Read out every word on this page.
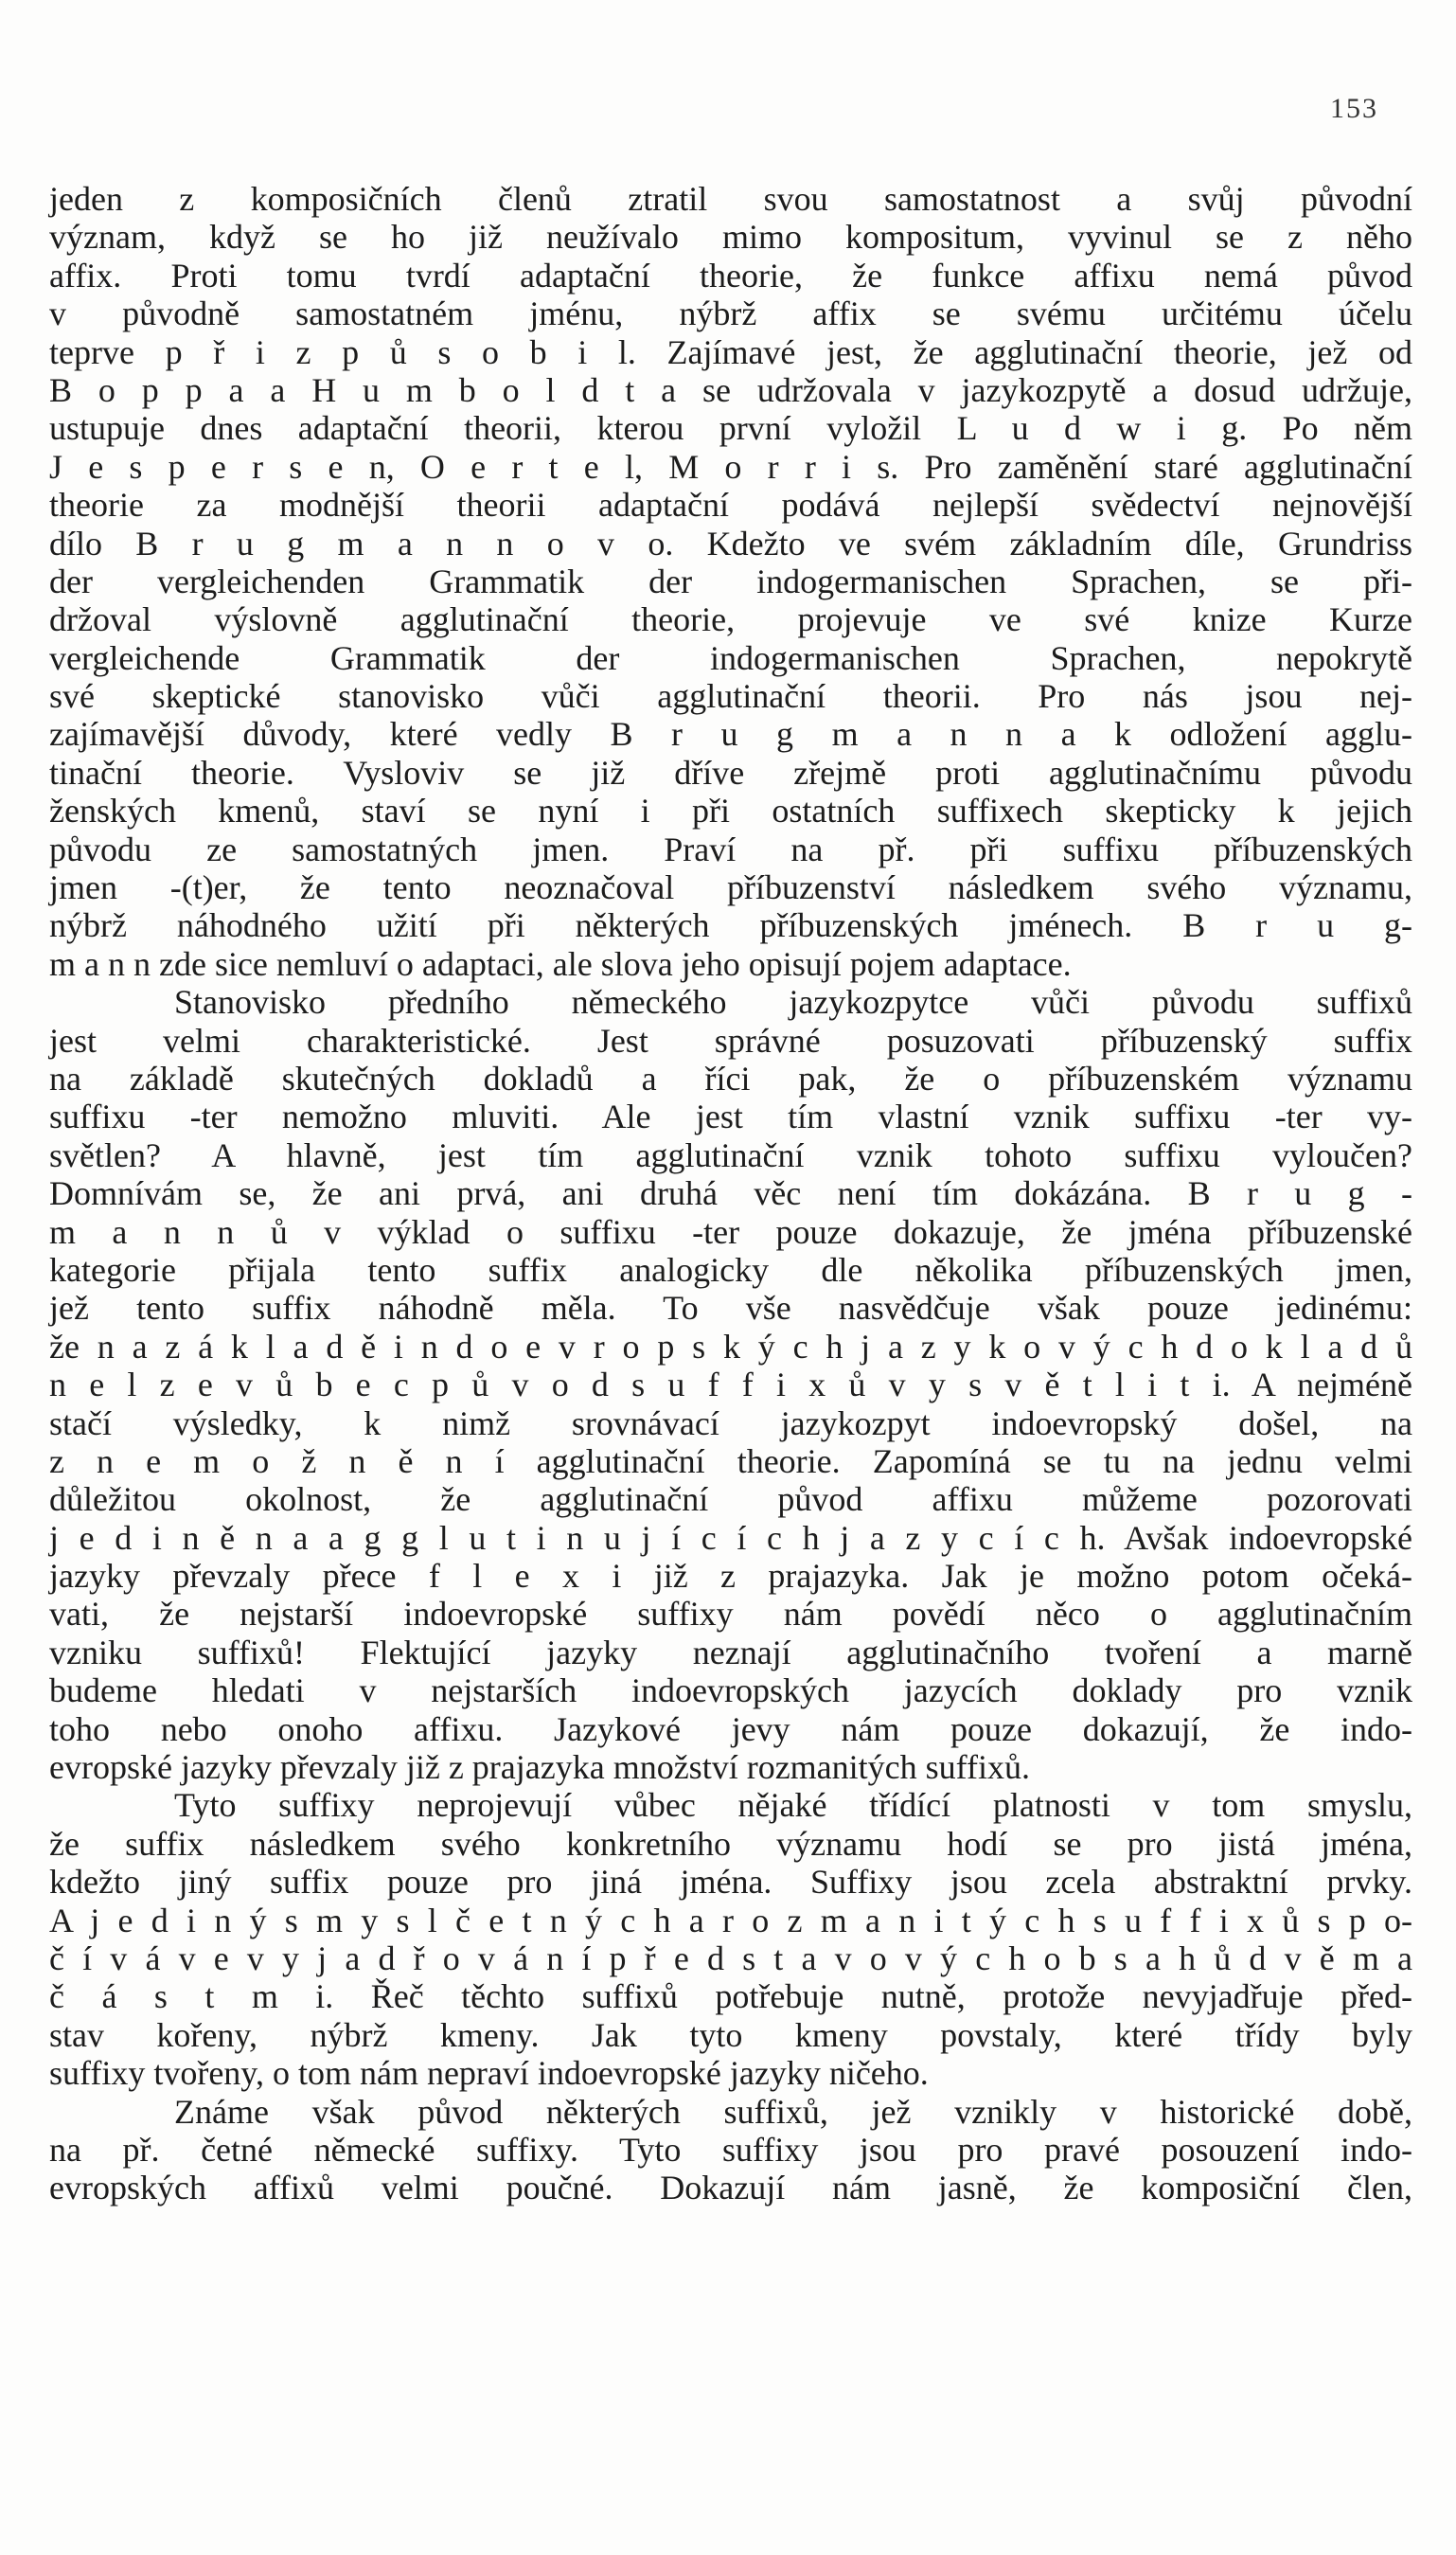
153
jeden z komposičních členů ztratil svou samostatnost a svůj původní
význam, když se ho již neužívalo mimo kompositum, vyvinul se z něho
affix. Proti tomu tvrdí adaptační theorie, že funkce affixu nemá původ
v původně samostatném jménu, nýbrž affix se svému určitému účelu
teprve p ř i z p ů s o b i l. Zajímavé jest, že agglutinační theorie, jež od
B o p p a a H u m b o l d t a se udržovala v jazykozpytě a dosud udržuje,
ustupuje dnes adaptační theorii, kterou první vyložil L u d w i g. Po něm
J e s p e r s e n, O e r t e l, M o r r i s. Pro zaměnění staré agglutinační
theorie za modnější theorii adaptační podává nejlepší svědectví nejnovější
dílo B r u g m a n n o v o. Kdežto ve svém základním díle, Grundriss
der vergleichenden Grammatik der indogermanischen Sprachen, se při-
držoval výslovně agglutinační theorie, projevuje ve své knize Kurze
vergleichende Grammatik der indogermanischen Sprachen, nepokrytě
své skeptické stanovisko vůči agglutinační theorii. Pro nás jsou nej-
zajímavější důvody, které vedly B r u g m a n n a k odložení agglu-
tinační theorie. Vysloviv se již dříve zřejmě proti agglutinačnímu původu
ženských kmenů, staví se nyní i při ostatních suffixech skepticky k jejich
původu ze samostatných jmen. Praví na př. při suffixu příbuzenských
jmen -(t)er, že tento neoznačoval příbuzenství následkem svého významu,
nýbrž náhodného užití při některých příbuzenských jménech. B r u g-
m a n n zde sice nemluví o adaptaci, ale slova jeho opisují pojem adaptace.
Stanovisko předního německého jazykozpytce vůči původu suffixů
jest velmi charakteristické. Jest správné posuzovati příbuzenský suffix
na základě skutečných dokladů a říci pak, že o příbuzenském významu
suffixu -ter nemožno mluviti. Ale jest tím vlastní vznik suffixu -ter vy-
světlen? A hlavně, jest tím agglutinační vznik tohoto suffixu vyloučen?
Domnívám se, že ani prvá, ani druhá věc není tím dokázána. B r u g -
m a n n ů v výklad o suffixu -ter pouze dokazuje, že jména příbuzenské
kategorie přijala tento suffix analogicky dle několika příbuzenských jmen,
jež tento suffix náhodně měla. To vše nasvědčuje však pouze jedinému:
že n a z á k l a d ě i n d o e v r o p s k ý c h j a z y k o v ý c h d o k l a d ů
n e l z e v ů b e c p ů v o d s u f f i x ů v y s v ě t l i t i. A nejméně
stačí výsledky, k nimž srovnávací jazykozpyt indoevropský došel, na
z n e m o ž n ě n í agglutinační theorie. Zapomíná se tu na jednu velmi
důležitou okolnost, že agglutinační původ affixu můžeme pozorovati
j e d i n ě n a a g g l u t i n u j í c í c h j a z y c í c h. Avšak indoevropské
jazyky převzaly přece f l e x i již z prajazyka. Jak je možno potom očeká-
vati, že nejstarší indoevropské suffixy nám povědí něco o agglutinačním
vzniku suffixů! Flektující jazyky neznají agglutinačního tvoření a marně
budeme hledati v nejstarších indoevropských jazycích doklady pro vznik
toho nebo onoho affixu. Jazykové jevy nám pouze dokazují, že indo-
evropské jazyky převzaly již z prajazyka množství rozmanitých suffixů.
Tyto suffixy neprojevují vůbec nějaké třídící platnosti v tom smyslu,
že suffix následkem svého konkretního významu hodí se pro jistá jména,
kdežto jiný suffix pouze pro jiná jména. Suffixy jsou zcela abstraktní prvky.
A j e d i n ý s m y s l č e t n ý c h a r o z m a n i t ý c h s u f f i x ů s p o-
č í v á v e v y j a d ř o v á n í p ř e d s t a v o v ý c h o b s a h ů d v ě m a
č á s t m i. Řeč těchto suffixů potřebuje nutně, protože nevyjadřuje před-
stav kořeny, nýbrž kmeny. Jak tyto kmeny povstaly, které třídy byly
suffixy tvořeny, o tom nám nepraví indoevropské jazyky ničeho.
Známe však původ některých suffixů, jež vznikly v historické době,
na př. četné německé suffixy. Tyto suffixy jsou pro pravé posouzení indo-
evropských affixů velmi poučné. Dokazují nám jasně, že komposiční člen,
